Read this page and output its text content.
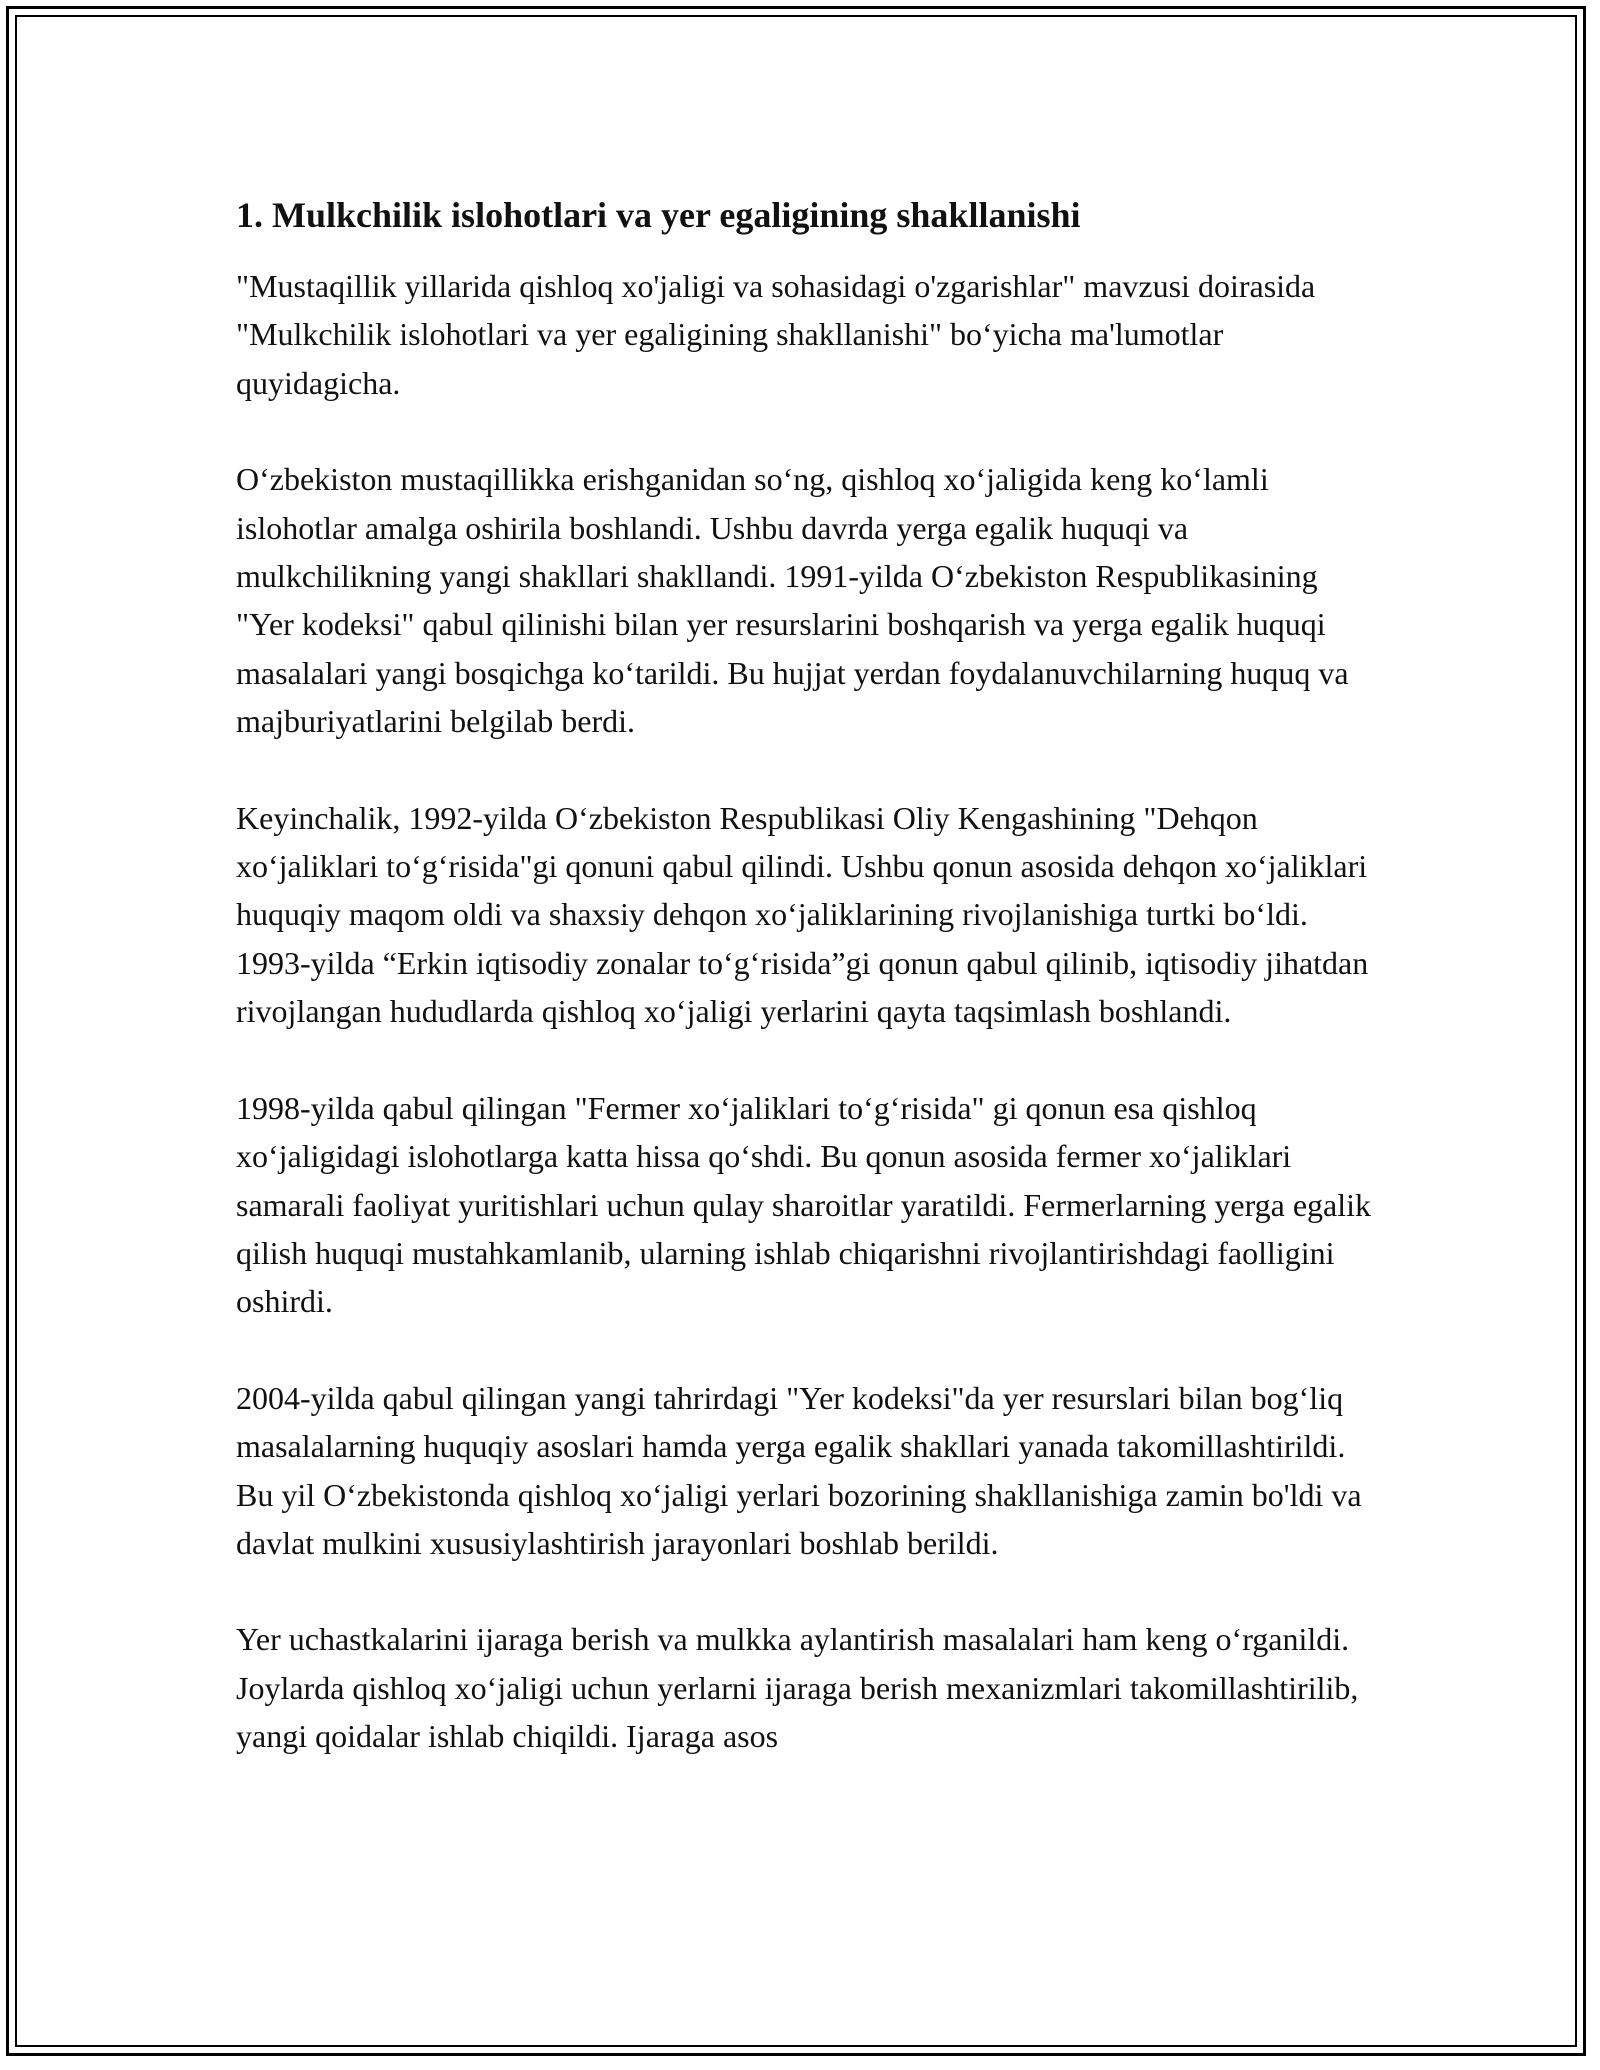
1. Mulkchilik islohotlari va yer egaligining shakllanishi

"Mustaqillik yillarida qishloq xo'jaligi va sohasidagi o'zgarishlar" mavzusi doirasida "Mulkchilik islohotlari va yer egaligining shakllanishi" bo‘yicha ma'lumotlar quyidagicha.

O‘zbekiston mustaqillikka erishganidan so‘ng, qishloq xo‘jaligida keng ko‘lamli islohotlar amalga oshirila boshlandi. Ushbu davrda yerga egalik huquqi va mulkchilikning yangi shakllari shakllandi. 1991-yilda O‘zbekiston Respublikasining "Yer kodeksi" qabul qilinishi bilan yer resurslarini boshqarish va yerga egalik huquqi masalalari yangi bosqichga ko‘tarildi. Bu hujjat yerdan foydalanuvchilarning huquq va majburiyatlarini belgilab berdi.

Keyinchalik, 1992-yilda O‘zbekiston Respublikasi Oliy Kengashining "Dehqon xo‘jaliklari to‘g‘risida"gi qonuni qabul qilindi. Ushbu qonun asosida dehqon xo‘jaliklari huquqiy maqom oldi va shaxsiy dehqon xo‘jaliklarining rivojlanishiga turtki bo‘ldi. 1993-yilda “Erkin iqtisodiy zonalar to‘g‘risida”gi qonun qabul qilinib, iqtisodiy jihatdan rivojlangan hududlarda qishloq xo‘jaligi yerlarini qayta taqsimlash boshlandi.

1998-yilda qabul qilingan "Fermer xo‘jaliklari to‘g‘risida" gi qonun esa qishloq xo‘jaligidagi islohotlarga katta hissa qo‘shdi. Bu qonun asosida fermer xo‘jaliklari samarali faoliyat yuritishlari uchun qulay sharoitlar yaratildi. Fermerlarning yerga egalik qilish huquqi mustahkamlanib, ularning ishlab chiqarishni rivojlantirishdagi faolligini oshirdi.

2004-yilda qabul qilingan yangi tahrirdagi "Yer kodeksi"da yer resurslari bilan bog‘liq masalalarning huquqiy asoslari hamda yerga egalik shakllari yanada takomillashtirildi. Bu yil O‘zbekistonda qishloq xo‘jaligi yerlari bozorining shakllanishiga zamin bo'ldi va davlat mulkini xususiylashtirish jarayonlari boshlab berildi.

Yer uchastkalarini ijaraga berish va mulkka aylantirish masalalari ham keng o‘rganildi. Joylarda qishloq xo‘jaligi uchun yerlarni ijaraga berish mexanizmlari takomillashtirilib, yangi qoidalar ishlab chiqildi. Ijaraga asos
